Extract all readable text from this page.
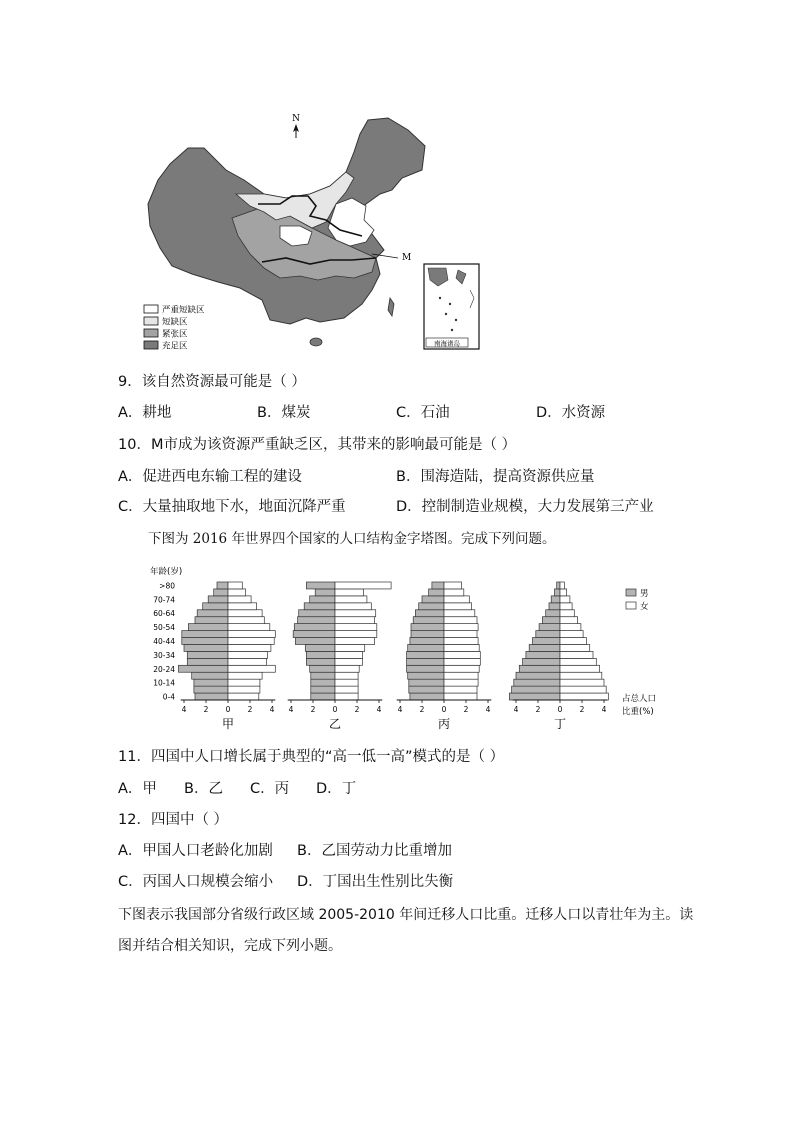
N
M
南海诸岛
严重短缺区
短缺区
紧张区
充足区
9．该自然资源最可能是（ ）
A．耕地	B．煤炭	C．石油	D．水资源
10．M市成为该资源严重缺乏区，其带来的影响最可能是（ ）
A．促进西电东输工程的建设	B．围海造陆，提高资源供应量
C．大量抽取地下水，地面沉降严重	D．控制制造业规模，大力发展第三产业
下图为 2016 年世界四个国家的人口结构金字塔图。完成下列问题。
年龄(岁)
>80
70-74
60-64
50-54
40-44
30-34
20-24
10-14
0-4
4 2 0 2 4
甲
4 2 0 2 4
乙
4 2 0 2 4
丙
4 2 0 2 4
丁
男
女
占总人口
比重(%)
11．四国中人口增长属于典型的“高一低一高”模式的是（ ）
A．甲 B．乙 C．丙 D．丁
12．四国中（ ）
A．甲国人口老龄化加剧 B．乙国劳动力比重增加
C．丙国人口规模会缩小 D．丁国出生性别比失衡
下图表示我国部分省级行政区域 2005-2010 年间迁移人口比重。迁移人口以青壮年为主。读
图并结合相关知识，完成下列小题。
